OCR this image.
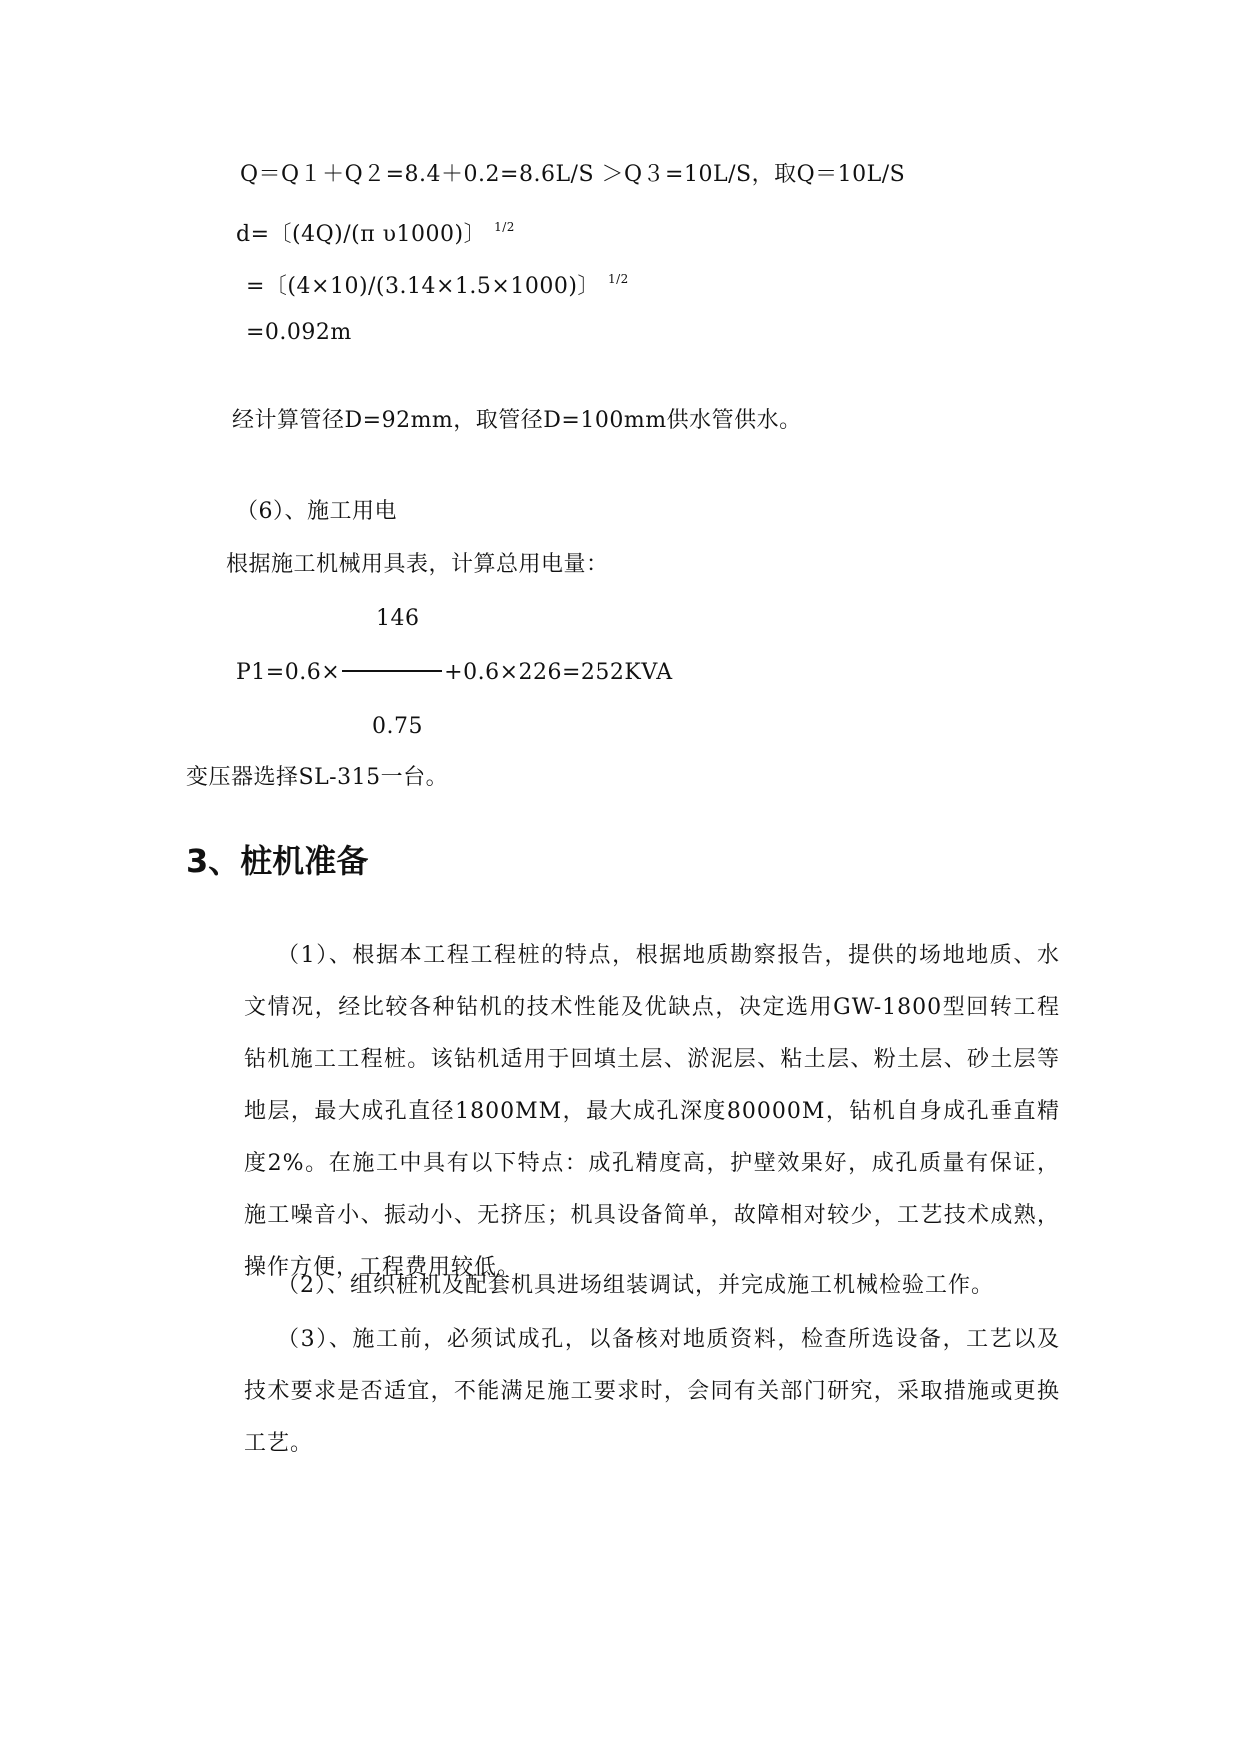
Q＝Q１＋Q２=8.4＋0.2=8.6L/S ＞Q３=10L/S，取Q＝10L/S
d=〔(4Q)/(π υ1000)〕 $^{1/2}$
=〔(4×10)/(3.14×1.5×1000)〕 $^{1/2}$
=0.092m
经计算管径D=92mm，取管径D=100mm供水管供水。
（6）、施工用电
根据施工机械用具表，计算总用电量：
146
P1=0.6×	+0.6×226=252KVA
0.75
变压器选择SL-315一台。
3、桩机准备
（1）、根据本工程工程桩的特点，根据地质勘察报告，提供的场地地质、水文情况，经比较各种钻机的技术性能及优缺点，决定选用GW-1800型回转工程钻机施工工程桩。该钻机适用于回填土层、淤泥层、粘土层、粉土层、砂土层等地层，最大成孔直径1800MM，最大成孔深度80000M，钻机自身成孔垂直精度2%。在施工中具有以下特点：成孔精度高，护壁效果好，成孔质量有保证，施工噪音小、振动小、无挤压；机具设备简单，故障相对较少，工艺技术成熟，操作方便，工程费用较低。
（2）、组织桩机及配套机具进场组装调试，并完成施工机械检验工作。
（3）、施工前，必须试成孔，以备核对地质资料，检查所选设备，工艺以及技术要求是否适宜，不能满足施工要求时，会同有关部门研究，采取措施或更换工艺。
